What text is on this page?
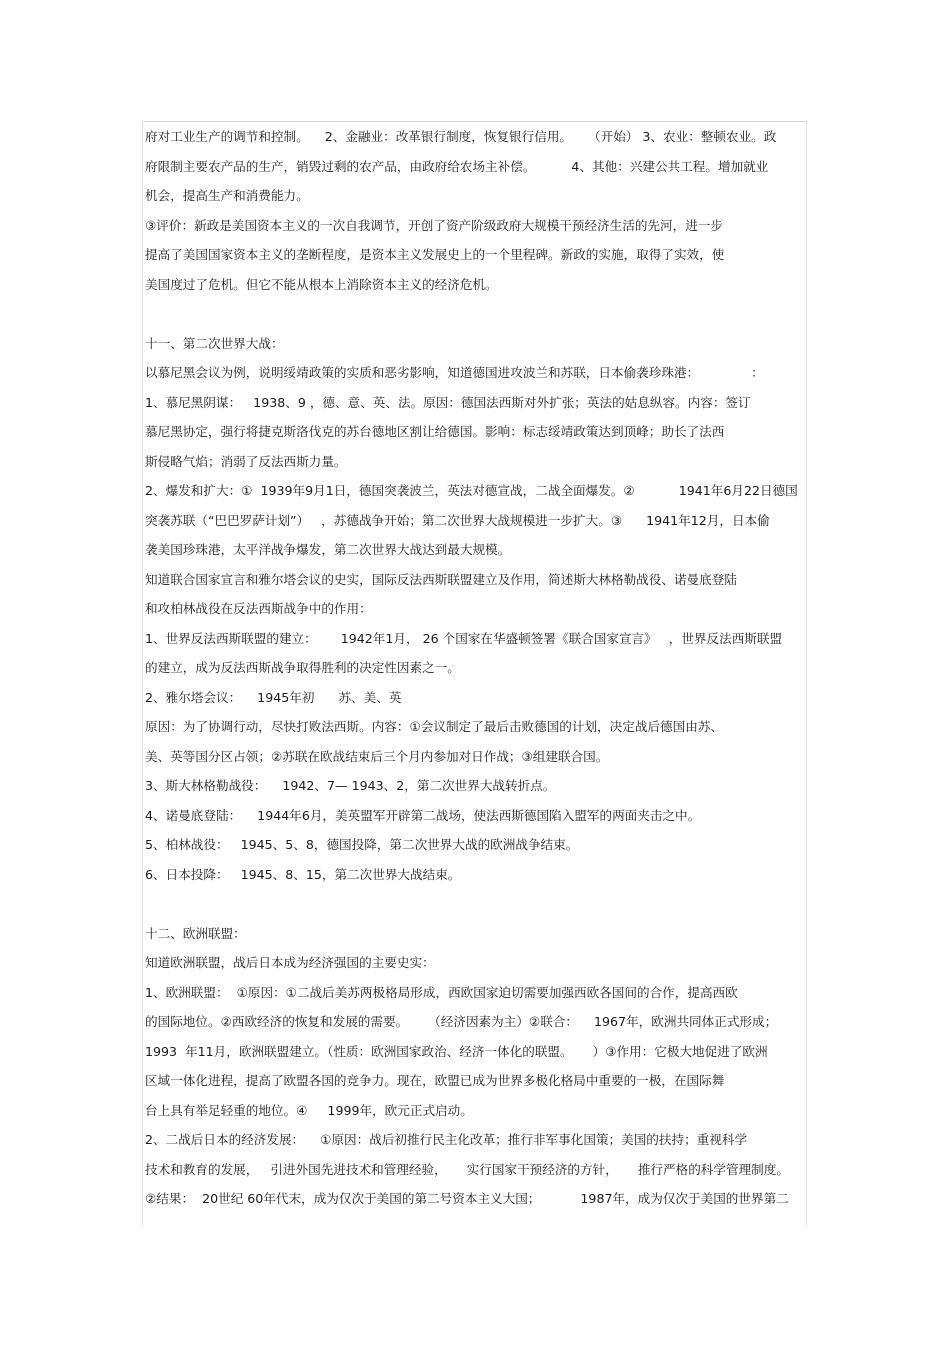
府对工业生产的调节和控制。    2、金融业：改革银行制度，恢复银行信用。    （开始） 3、农业：整顿农业。政
府限制主要农产品的生产，销毁过剩的农产品，由政府给农场主补偿。         4、其他：兴建公共工程。增加就业
机会，提高生产和消费能力。
③评价：新政是美国资本主义的一次自我调节，开创了资产阶级政府大规模干预经济生活的先河，进一步
提高了美国国家资本主义的垄断程度，是资本主义发展史上的一个里程碑。新政的实施，取得了实效，使
美国度过了危机。但它不能从根本上消除资本主义的经济危机。
十一、第二次世界大战：
以慕尼黑会议为例，说明绥靖政策的实质和恶劣影响，知道德国进攻波兰和苏联，日本偷袭珍珠港：             ：
1、慕尼黑阴谋：   1938、9 ，德、意、英、法。原因：德国法西斯对外扩张；英法的姑息纵容。内容：签订
慕尼黑协定，强行将捷克斯洛伐克的苏台德地区割让给德国。影响：标志绥靖政策达到顶峰；助长了法西
斯侵略气焰；消弱了反法西斯力量。
2、爆发和扩大：①  1939年9月1日，德国突袭波兰，英法对德宣战，二战全面爆发。②           1941年6月22日德国
突袭苏联（“巴巴罗萨计划”）   ，苏德战争开始；第二次世界大战规模进一步扩大。③      1941年12月，日本偷
袭美国珍珠港，太平洋战争爆发，第二次世界大战达到最大规模。
知道联合国家宣言和雅尔塔会议的史实，国际反法西斯联盟建立及作用，简述斯大林格勒战役、诺曼底登陆
和攻柏林战役在反法西斯战争中的作用：
1、世界反法西斯联盟的建立：      1942年1月， 26 个国家在华盛顿签署《联合国家宣言》   ，世界反法西斯联盟
的建立，成为反法西斯战争取得胜利的决定性因素之一。
2、雅尔塔会议：    1945年初      苏、美、英
原因：为了协调行动，尽快打败法西斯。内容：①会议制定了最后击败德国的计划，决定战后德国由苏、
美、英等国分区占领；②苏联在欧战结束后三个月内参加对日作战；③组建联合国。
3、斯大林格勒战役：    1942、7— 1943、2，第二次世界大战转折点。
4、诺曼底登陆：    1944年6月，美英盟军开辟第二战场，使法西斯德国陷入盟军的两面夹击之中。
5、柏林战役：   1945、5、8，德国投降，第二次世界大战的欧洲战争结束。
6、日本投降：   1945、8、15，第二次世界大战结束。
十二、欧洲联盟：
知道欧洲联盟，战后日本成为经济强国的主要史实：
1、欧洲联盟：  ①原因：①二战后美苏两极格局形成，西欧国家迫切需要加强西欧各国间的合作，提高西欧
的国际地位。②西欧经济的恢复和发展的需要。     （经济因素为主）②联合：    1967年，欧洲共同体正式形成；
1993  年11月，欧洲联盟建立。（性质：欧洲国家政治、经济一体化的联盟。     ）③作用：它极大地促进了欧洲
区域一体化进程，提高了欧盟各国的竞争力。现在，欧盟已成为世界多极化格局中重要的一极，在国际舞
台上具有举足轻重的地位。④     1999年，欧元正式启动。
2、二战后日本的经济发展：    ①原因：战后初推行民主化改革；推行非军事化国策；美国的扶持；重视科学
技术和教育的发展，   引进外国先进技术和管理经验，     实行国家干预经济的方针，     推行严格的科学管理制度。
②结果：  20世纪 60年代末，成为仅次于美国的第二号资本主义大国；          1987年，成为仅次于美国的世界第二
